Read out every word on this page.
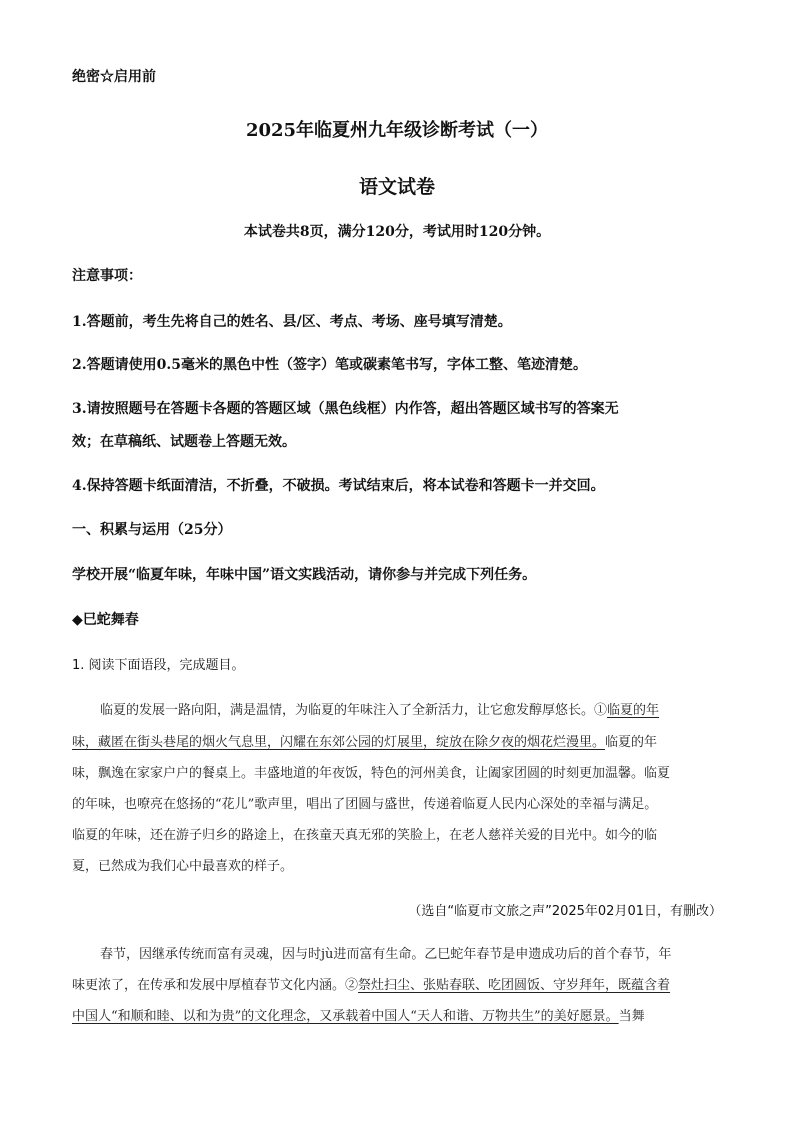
绝密☆启用前
2025年临夏州九年级诊断考试（一）
语文试卷
本试卷共8页，满分120分，考试用时120分钟。
注意事项：
1.答题前，考生先将自己的姓名、县/区、考点、考场、座号填写清楚。
2.答题请使用0.5毫米的黑色中性（签字）笔或碳素笔书写，字体工整、笔迹清楚。
3.请按照题号在答题卡各题的答题区域（黑色线框）内作答，超出答题区域书写的答案无
效；在草稿纸、试题卷上答题无效。
4.保持答题卡纸面清洁，不折叠，不破损。考试结束后，将本试卷和答题卡一并交回。
一、积累与运用（25分）
学校开展“临夏年味，年味中国”语文实践活动，请你参与并完成下列任务。
◆巳蛇舞春
1. 阅读下面语段，完成题目。
临夏的发展一路向阳，满是温情，为临夏的年味注入了全新活力，让它愈发醇厚悠长。①临夏的年
味，藏匿在街头巷尾的烟火气息里，闪耀在东郊公园的灯展里，绽放在除夕夜的烟花烂漫里。临夏的年
味，飘逸在家家户户的餐桌上。丰盛地道的年夜饭，特色的河州美食，让阖家团圆的时刻更加温馨。临夏
的年味，也嘹亮在悠扬的“花儿”歌声里，唱出了团圆与盛世，传递着临夏人民内心深处的幸福与满足。
临夏的年味，还在游子归乡的路途上，在孩童天真无邪的笑脸上，在老人慈祥关爱的目光中。如今的临
夏，已然成为我们心中最喜欢的样子。
（选自“临夏市文旅之声”2025年02月01日，有删改）
春节，因继承传统而富有灵魂，因与时jù进而富有生命。乙巳蛇年春节是申遗成功后的首个春节，年
味更浓了，在传承和发展中厚植春节文化内涵。②祭灶扫尘、张贴春联、吃团圆饭、守岁拜年，既蕴含着
中国人“和顺和睦、以和为贵”的文化理念，又承载着中国人“天人和谐、万物共生”的美好愿景。当舞
